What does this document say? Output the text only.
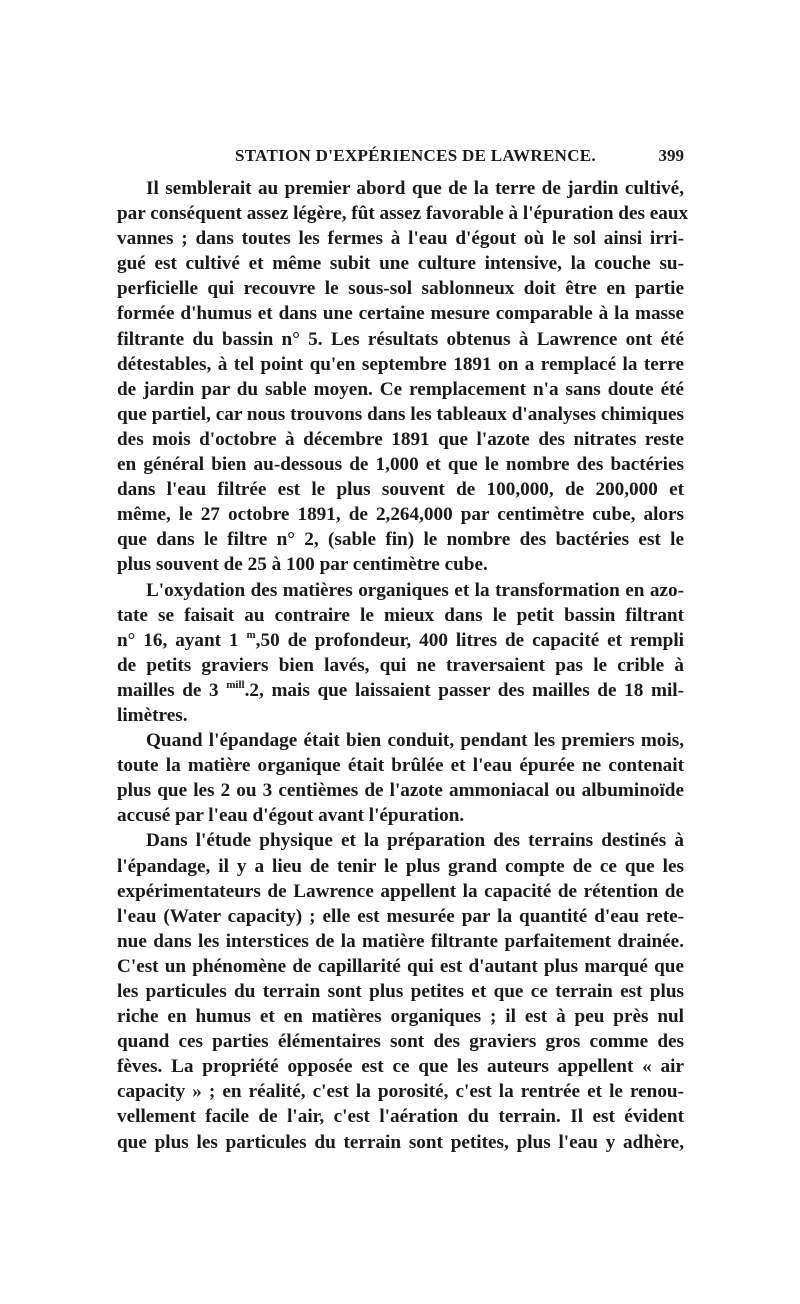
STATION D'EXPÉRIENCES DE LAWRENCE.	399
Il semblerait au premier abord que de la terre de jardin cultivé,
par conséquent assez légère, fût assez favorable à l'épuration des eaux
vannes ; dans toutes les fermes à l'eau d'égout où le sol ainsi irri-
gué est cultivé et même subit une culture intensive, la couche su-
perficielle qui recouvre le sous-sol sablonneux doit être en partie
formée d'humus et dans une certaine mesure comparable à la masse
filtrante du bassin n° 5. Les résultats obtenus à Lawrence ont été
détestables, à tel point qu'en septembre 1891 on a remplacé la terre
de jardin par du sable moyen. Ce remplacement n'a sans doute été
que partiel, car nous trouvons dans les tableaux d'analyses chimiques
des mois d'octobre à décembre 1891 que l'azote des nitrates reste
en général bien au-dessous de 1,000 et que le nombre des bactéries
dans l'eau filtrée est le plus souvent de 100,000, de 200,000 et
même, le 27 octobre 1891, de 2,264,000 par centimètre cube, alors
que dans le filtre n° 2, (sable fin) le nombre des bactéries est le
plus souvent de 25 à 100 par centimètre cube.
L'oxydation des matières organiques et la transformation en azo-
tate se faisait au contraire le mieux dans le petit bassin filtrant
n° 16, ayant 1 $^m$,50 de profondeur, 400 litres de capacité et rempli
de petits graviers bien lavés, qui ne traversaient pas le crible à
mailles de 3 $^{mill}$.2, mais que laissaient passer des mailles de 18 mil-
limètres.
Quand l'épandage était bien conduit, pendant les premiers mois,
toute la matière organique était brûlée et l'eau épurée ne contenait
plus que les 2 ou 3 centièmes de l'azote ammoniacal ou albuminoïde
accusé par l'eau d'égout avant l'épuration.
Dans l'étude physique et la préparation des terrains destinés à
l'épandage, il y a lieu de tenir le plus grand compte de ce que les
expérimentateurs de Lawrence appellent la capacité de rétention de
l'eau (Water capacity) ; elle est mesurée par la quantité d'eau rete-
nue dans les interstices de la matière filtrante parfaitement drainée.
C'est un phénomène de capillarité qui est d'autant plus marqué que
les particules du terrain sont plus petites et que ce terrain est plus
riche en humus et en matières organiques ; il est à peu près nul
quand ces parties élémentaires sont des graviers gros comme des
fèves. La propriété opposée est ce que les auteurs appellent « air
capacity » ; en réalité, c'est la porosité, c'est la rentrée et le renou-
vellement facile de l'air, c'est l'aération du terrain. Il est évident
que plus les particules du terrain sont petites, plus l'eau y adhère,
